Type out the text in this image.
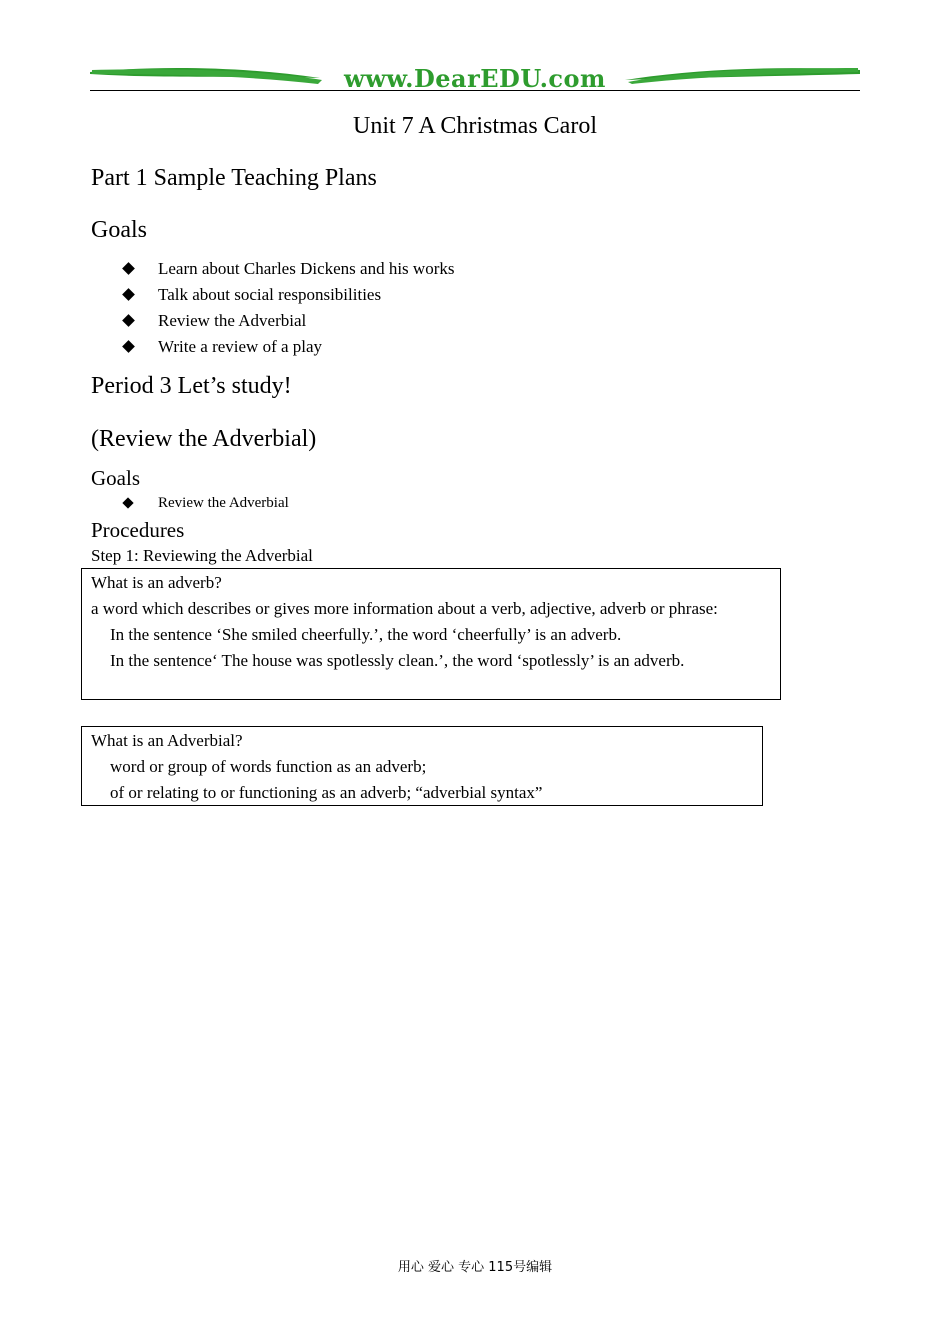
www.DearEDU.com
Unit 7 A Christmas Carol
Part 1 Sample Teaching Plans
Goals
Learn about Charles Dickens and his works
Talk about social responsibilities
Review the Adverbial
Write a review of a play
Period 3 Let’s study!
(Review the Adverbial)
Goals
Review the Adverbial
Procedures
Step 1: Reviewing the Adverbial

What is an adverb?

a word which describes or gives more information about a verb, adjective, adverb or phrase:

In the sentence ‘She smiled cheerfully.’, the word ‘cheerfully’ is an adverb.

In the sentence‘ The house was spotlessly clean.’, the word ‘spotlessly’ is an adverb.

What is an Adverbial?

word or group of words function as an adverb;

of or relating to or functioning as an adverb; “adverbial syntax”

用心 爱心 专心 115号编辑
